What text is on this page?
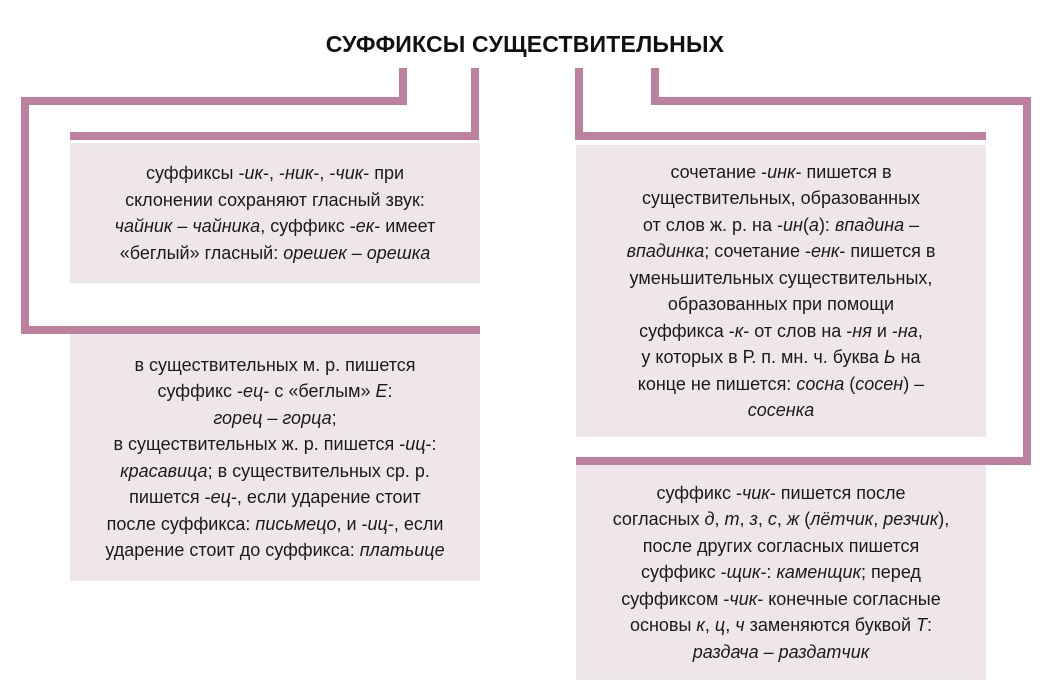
СУФФИКСЫ СУЩЕСТВИТЕЛЬНЫХ

суффиксы -ик-, -ник-, -чик- при
склонении сохраняют гласный звук:
чайник – чайника, суффикс -ек- имеет
«беглый» гласный: орешек – орешка

в существительных м. р. пишется
суффикс -ец- с «беглым» Е:
горец – горца;
в существительных ж. р. пишется -иц-:
красавица; в существительных ср. р.
пишется -ец-, если ударение стоит
после суффикса: письмецо, и -иц-, если
ударение стоит до суффикса: платьице

сочетание -инк- пишется в
существительных, образованных
от слов ж. р. на -ин(а): впадина –
впадинка; сочетание -енк- пишется в
уменьшительных существительных,
образованных при помощи
суффикса -к- от слов на -ня и -на,
у которых в Р. п. мн. ч. буква Ь на
конце не пишется: сосна (сосен) –
сосенка

суффикс -чик- пишется после
согласных д, т, з, с, ж (лётчик, резчик),
после других согласных пишется
суффикс -щик-: каменщик; перед
суффиксом -чик- конечные согласные
основы к, ц, ч заменяются буквой Т:
раздача – раздатчик
